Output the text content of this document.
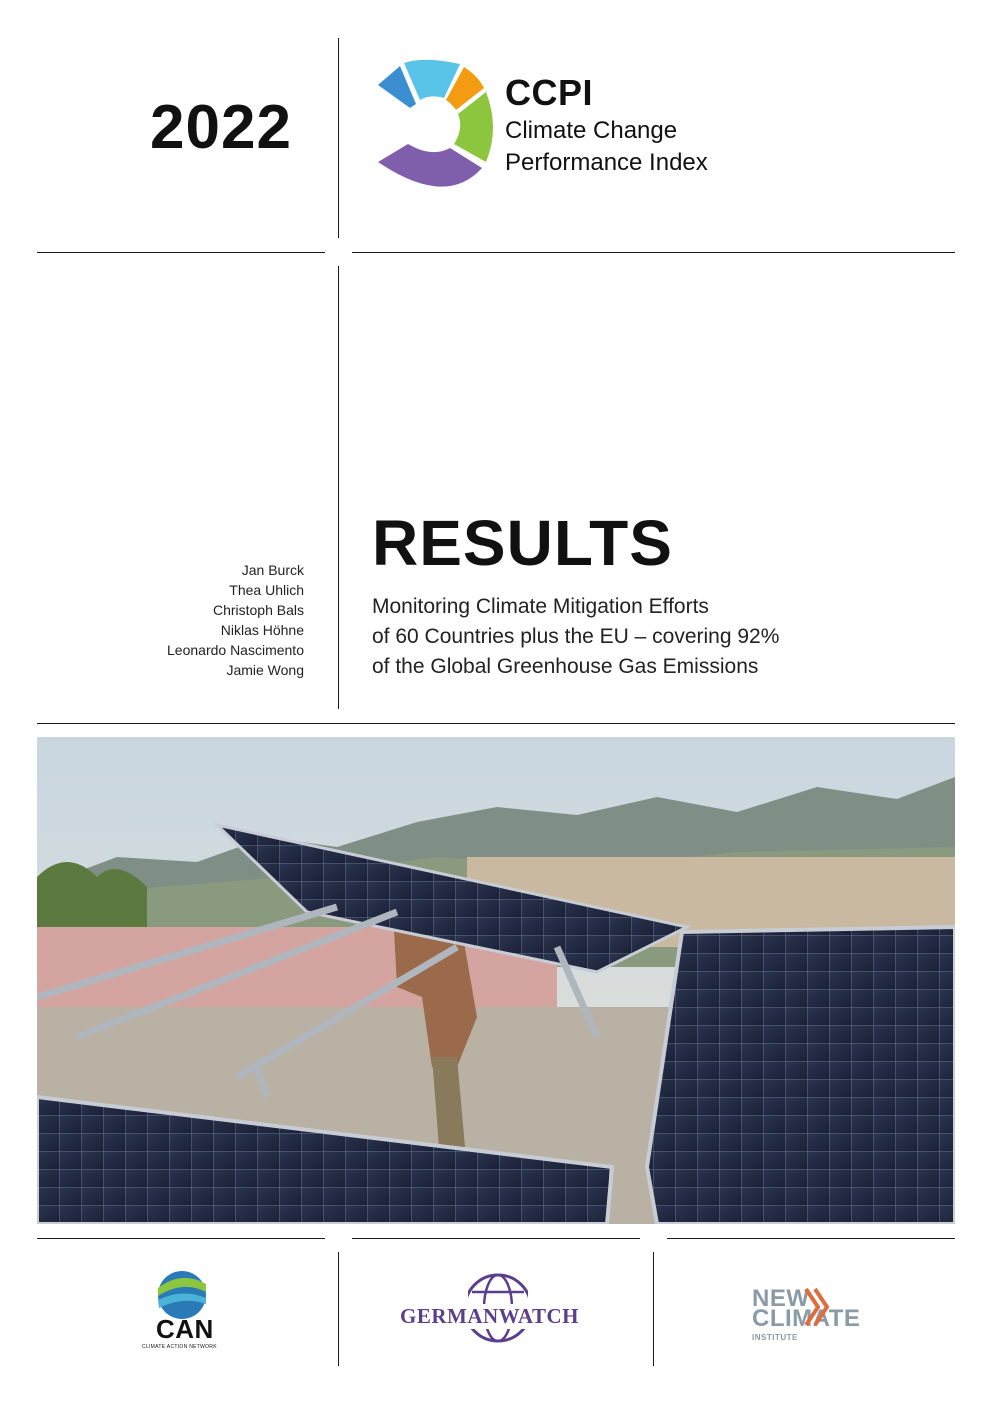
2022
CCPI
Climate Change
Performance Index
Jan Burck
Thea Uhlich
Christoph Bals
Niklas Höhne
Leonardo Nascimento
Jamie Wong
RESULTS
Monitoring Climate Mitigation Efforts
of 60 Countries plus the EU – covering 92%
of the Global Greenhouse Gas Emissions
CAN
CLIMATE ACTION NETWORK
GERMANWATCH
NEW
CLIMATE
INSTITUTE
